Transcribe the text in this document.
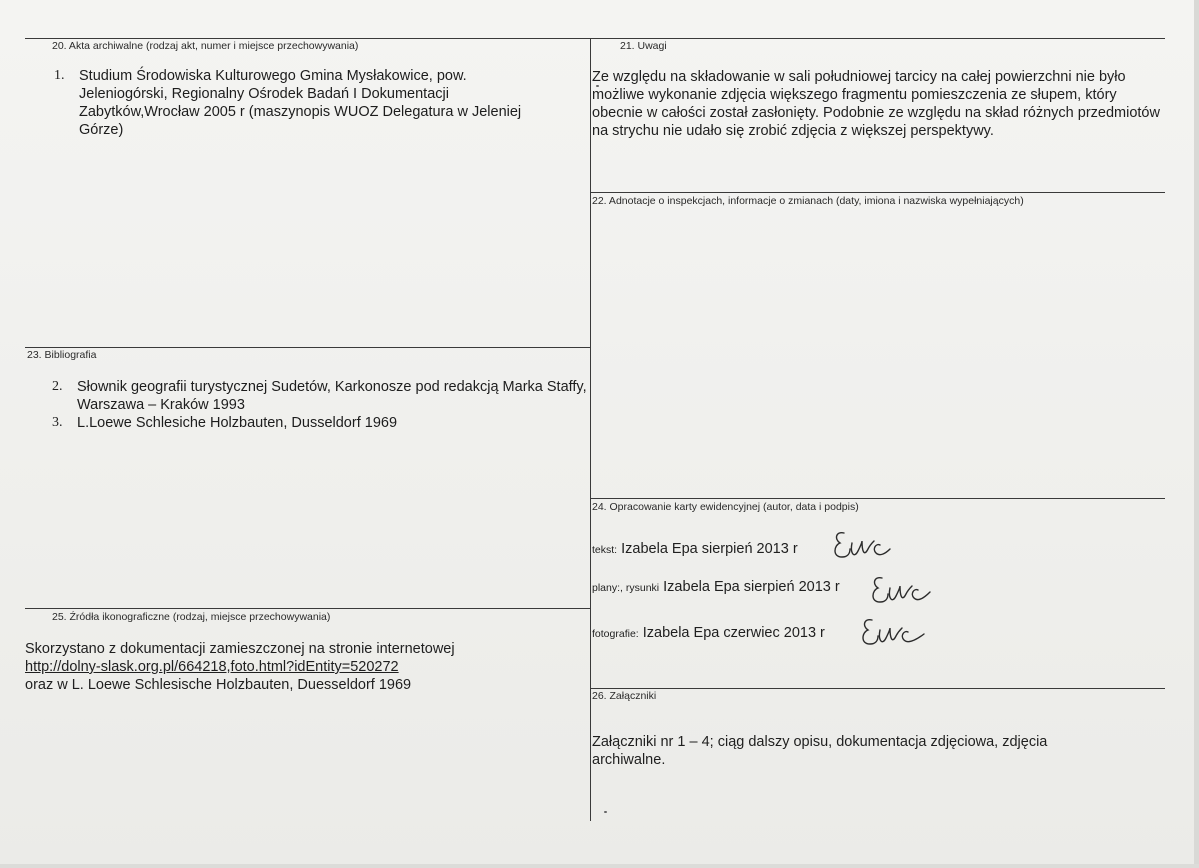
20. Akta archiwalne (rodzaj akt, numer i miejsce przechowywania)
1. Studium Środowiska Kulturowego Gmina Mysłakowice, pow. Jeleniogórski, Regionalny Ośrodek Badań I Dokumentacji Zabytków,Wrocław 2005 r (maszynopis WUOZ Delegatura w Jeleniej Górze)
21. Uwagi
Ze względu na składowanie w sali południowej tarcicy na całej powierzchni nie było możliwe wykonanie zdjęcia większego fragmentu pomieszczenia ze słupem, który obecnie w całości został zasłonięty. Podobnie ze względu na skład różnych przedmiotów na strychu nie udało się zrobić zdjęcia z większej perspektywy.
22. Adnotacje o inspekcjach, informacje o zmianach (daty, imiona i nazwiska wypełniających)
23. Bibliografia
2. Słownik geografii turystycznej Sudetów, Karkonosze pod redakcją Marka Staffy, Warszawa – Kraków 1993
3. L.Loewe Schlesiche Holzbauten, Dusseldorf 1969
24. Opracowanie karty ewidencyjnej (autor, data i podpis)
tekst: Izabela Epa sierpień 2013 r
plany:, rysunki Izabela Epa sierpień 2013 r
fotografie: Izabela Epa czerwiec 2013 r
25. Źródła ikonograficzne (rodzaj, miejsce przechowywania)
Skorzystano z dokumentacji zamieszczonej na stronie internetowej
http://dolny-slask.org.pl/664218,foto.html?idEntity=520272
oraz w L. Loewe Schlesische Holzbauten, Duesseldorf 1969
26. Załączniki
Załączniki nr 1 – 4; ciąg dalszy opisu, dokumentacja zdjęciowa, zdjęcia archiwalne.
